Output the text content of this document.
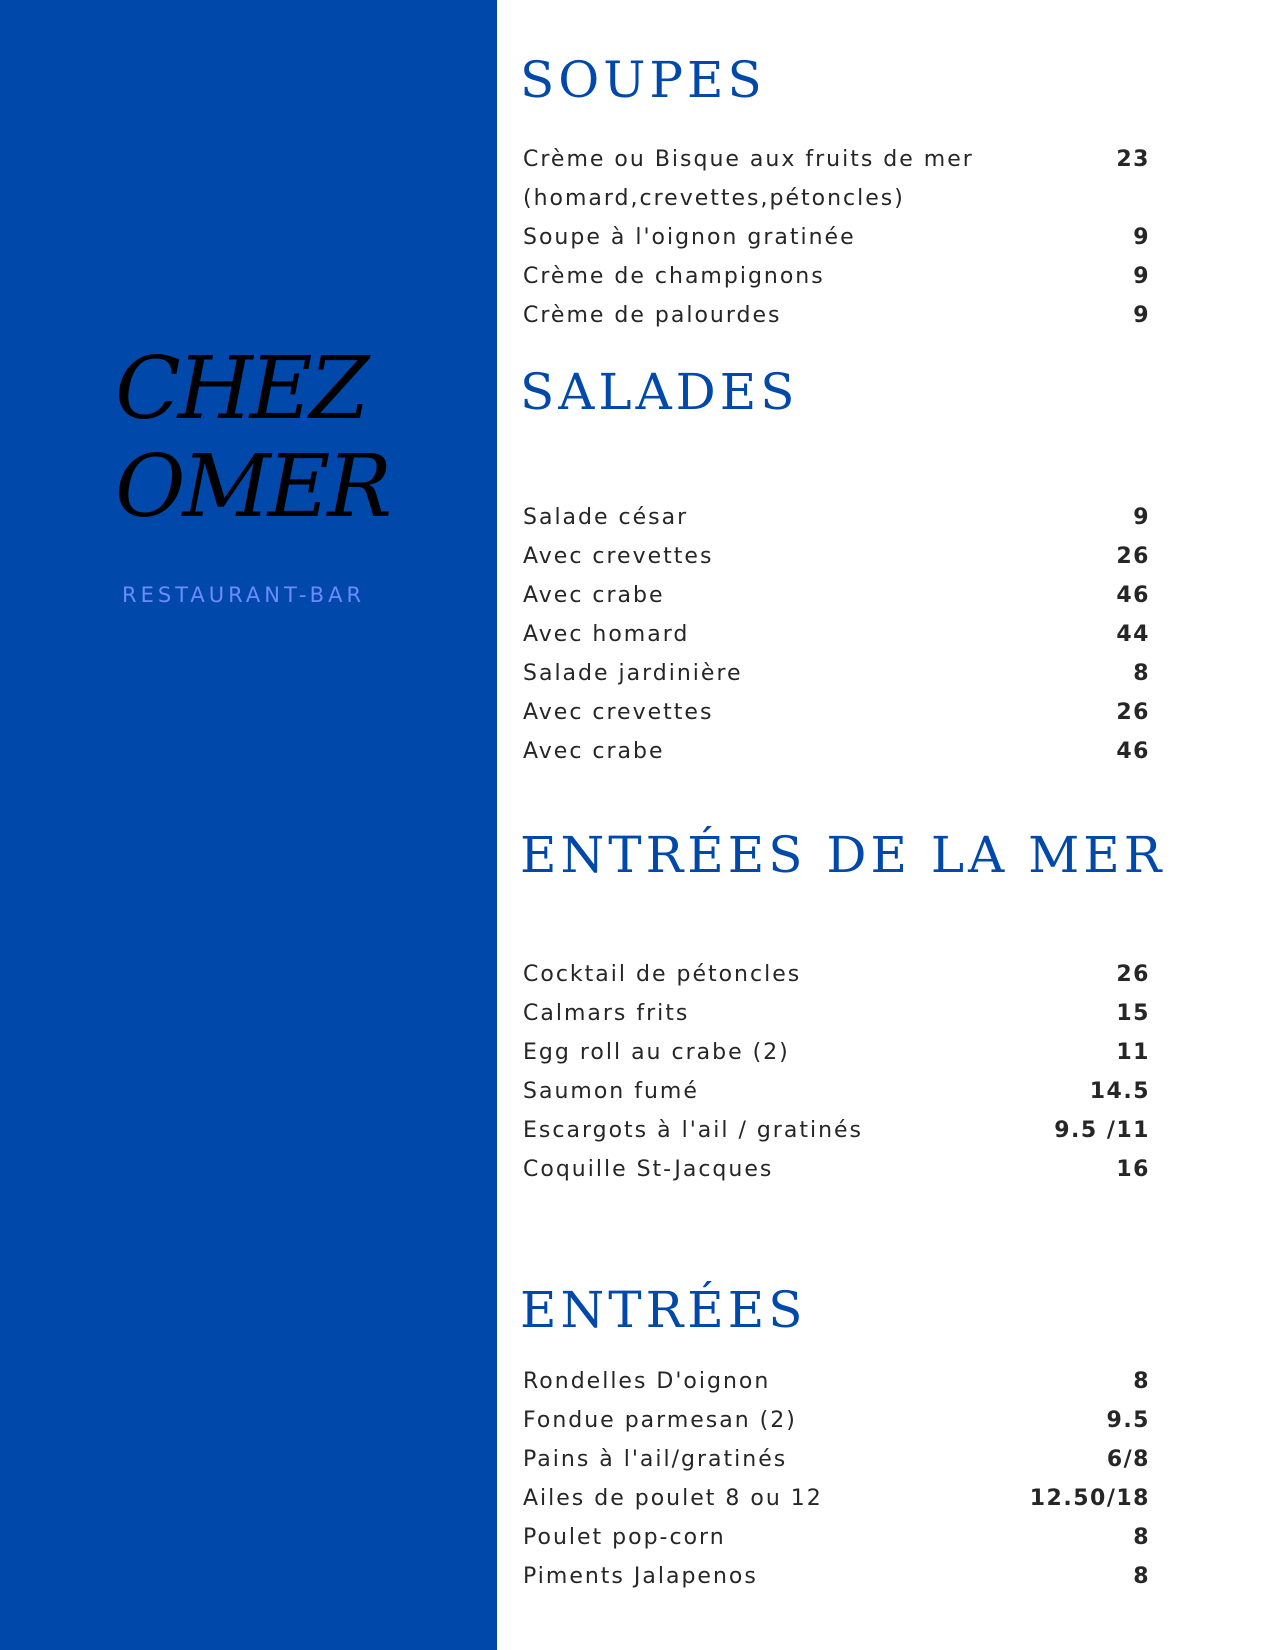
CHEZ
OMER
RESTAURANT-BAR
SOUPES
Crème ou Bisque aux fruits de mer	23
(homard,crevettes,pétoncles)
Soupe à l'oignon gratinée	9
Crème de champignons	9
Crème de palourdes	9
SALADES
Salade césar	9
Avec crevettes	26
Avec crabe	46
Avec homard	44
Salade jardinière	8
Avec crevettes	26
Avec crabe	46
ENTRÉES DE LA MER
Cocktail de pétoncles	26
Calmars frits	15
Egg roll au crabe (2)	11
Saumon fumé	14.5
Escargots à l'ail / gratinés	9.5 /11
Coquille St-Jacques	16
ENTRÉES
Rondelles D'oignon	8
Fondue parmesan (2)	9.5
Pains à l'ail/gratinés	6/8
Ailes de poulet 8 ou 12	12.50/18
Poulet pop-corn	8
Piments Jalapenos	8
